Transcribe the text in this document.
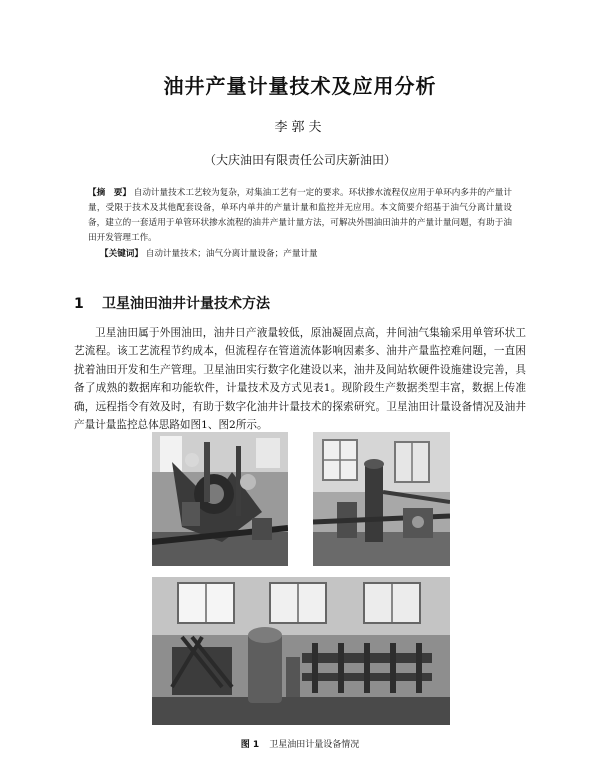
油井产量计量技术及应用分析
李郭夫
（大庆油田有限责任公司庆新油田）
【摘　要】 自动计量技术工艺较为复杂，对集油工艺有一定的要求。环状掺水流程仅应用于单环内多井的产量计量，受限于技术及其他配套设备，单环内单井的产量计量和监控并无应用。本文简要介绍基于油气分离计量设备，建立的一套适用于单管环状掺水流程的油井产量计量方法，可解决外围油田油井的产量计量问题，有助于油田开发管理工作。
【关键词】 自动计量技术；油气分离计量设备；产量计量
1 卫星油田油井计量技术方法
卫星油田属于外围油田，油井日产液量较低，原油凝固点高，井间油气集输采用单管环状工艺流程。该工艺流程节约成本，但流程存在管道流体影响因素多、油井产量监控难问题，一直困扰着油田开发和生产管理。卫星油田实行数字化建设以来，油井及间站软硬件设施建设完善，具备了成熟的数据库和功能软件，计量技术及方式见表1。现阶段生产数据类型丰富，数据上传准确，远程指令有效及时，有助于数字化油井计量技术的探索研究。卫星油田计量设备情况及油井产量计量监控总体思路如图1、图2所示。
图 1 卫星油田计量设备情况
